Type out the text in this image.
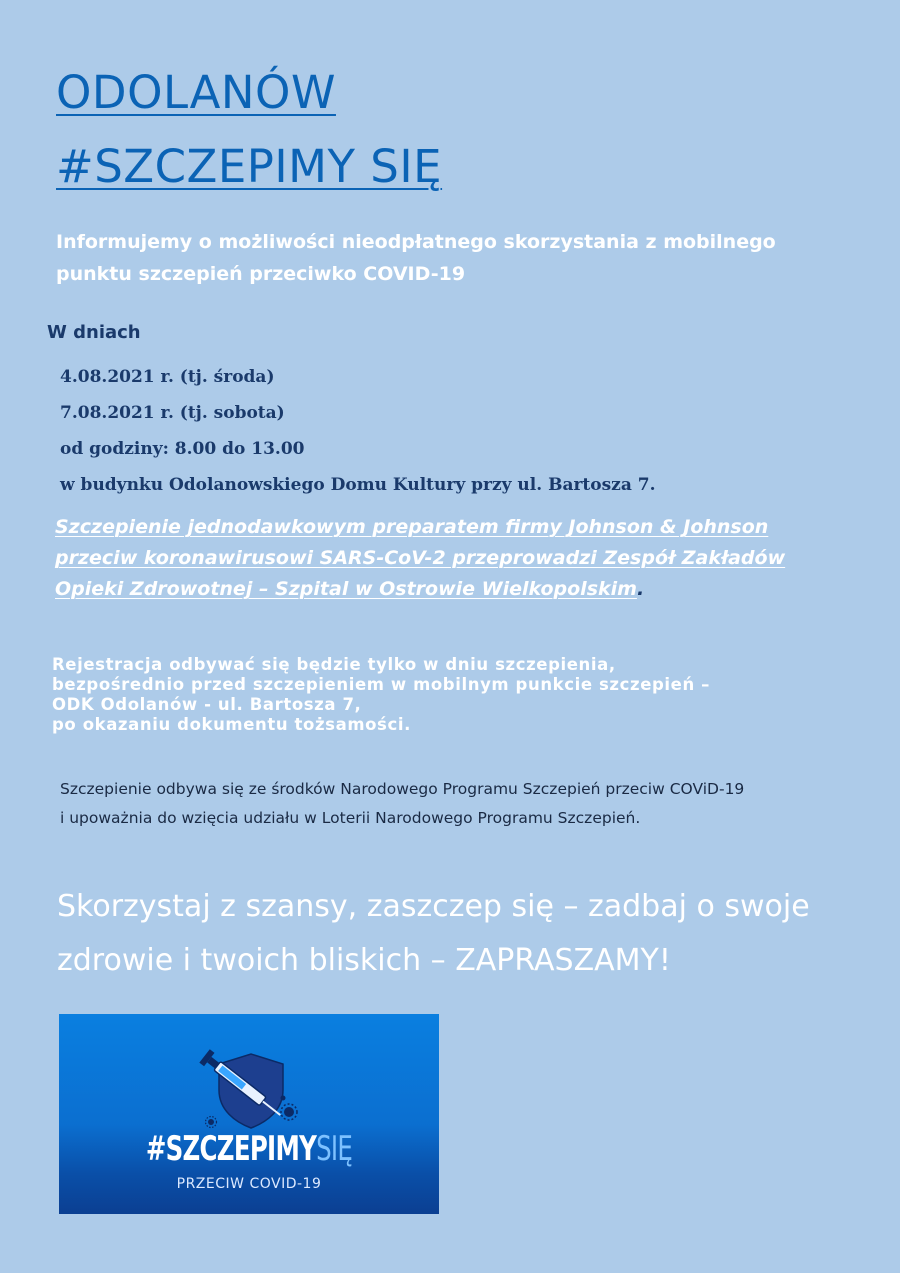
ODOLANÓW
#SZCZEPIMY SIĘ
Informujemy o możliwości nieodpłatnego skorzystania z mobilnego punktu szczepień przeciwko COVID-19
W dniach
4.08.2021 r. (tj. środa)
7.08.2021 r. (tj. sobota)
od godziny: 8.00 do 13.00
w budynku Odolanowskiego Domu Kultury przy ul. Bartosza 7.
Szczepienie jednodawkowym preparatem firmy Johnson & Johnson przeciw koronawirusowi SARS-CoV-2 przeprowadzi Zespół Zakładów Opieki Zdrowotnej – Szpital w Ostrowie Wielkopolskim.
Rejestracja odbywać się będzie tylko w dniu szczepienia,
bezpośrednio przed szczepieniem w mobilnym punkcie szczepień –
ODK Odolanów - ul. Bartosza 7,
po okazaniu dokumentu tożsamości.
Szczepienie odbywa się ze środków Narodowego Programu Szczepień przeciw COViD-19
i upoważnia do wzięcia udziału w Loterii Narodowego Programu Szczepień.
Skorzystaj z szansy, zaszczep się – zadbaj o swoje
zdrowie i twoich bliskich – ZAPRASZAMY!
#SZCZEPIMYSIĘ
PRZECIW COVID-19
